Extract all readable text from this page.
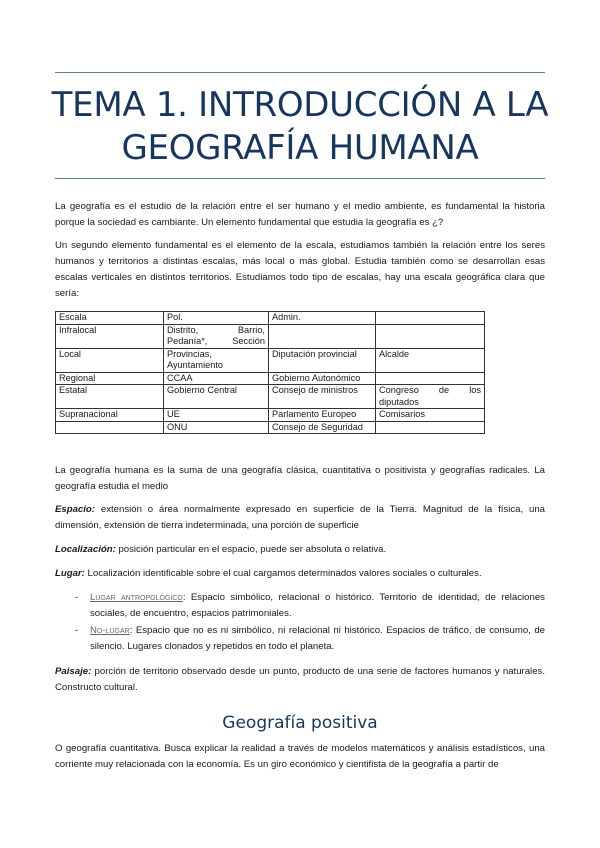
TEMA 1. INTRODUCCIÓN A LA GEOGRAFÍA HUMANA

La geografía es el estudio de la relación entre el ser humano y el medio ambiente, es fundamental la historia porque la sociedad es cambiante. Un elemento fundamental que estudia la geografía es ¿?

Un segundo elemento fundamental es el elemento de la escala, estudiamos también la relación entre los seres humanos y territorios a distintas escalas, más local o más global. Estudia también como se desarrollan esas escalas verticales en distintos territorios. Estudiamos todo tipo de escalas, hay una escala geográfica clara que sería:

Escala	Pol.	Admin.	
Infralocal	Distrito, Barrio, Pedanía*, Sección		
Local	Provincias, Ayuntamiento	Diputación provincial	Alcalde
Regional	CCAA	Gobierno Autonómico	
Estatal	Gobierno Central	Consejo de ministros	Congreso de los diputados
Supranacional	UE	Parlamento Europeo	Comisarios
	ONU	Consejo de Seguridad	

La geografía humana es la suma de una geografía clásica, cuantitativa o positivista y geografías radicales. La geografía estudia el medio

Espacio: extensión o área normalmente expresado en superficie de la Tierra. Magnitud de la física, una dimensión, extensión de tierra indeterminada, una porción de superficie

Localización: posición particular en el espacio, puede ser absoluta o relativa.

Lugar: Localización identificable sobre el cual cargamos determinados valores sociales o culturales.

- Lugar antropológico: Espacio simbólico, relacional o histórico. Territorio de identidad, de relaciones sociales, de encuentro, espacios patrimoniales.
- No-lugar: Espacio que no es ni simbólico, ni relacional ni histórico. Espacios de tráfico, de consumo, de silencio. Lugares clonados y repetidos en todo el planeta.

Paisaje: porción de territorio observado desde un punto, producto de una serie de factores humanos y naturales. Constructo cultural.

Geografía positiva

O geografía cuantitativa. Busca explicar la realidad a través de modelos matemáticos y análisis estadísticos, una corriente muy relacionada con la economía. Es un giro económico y cientifista de la geografía a partir de
